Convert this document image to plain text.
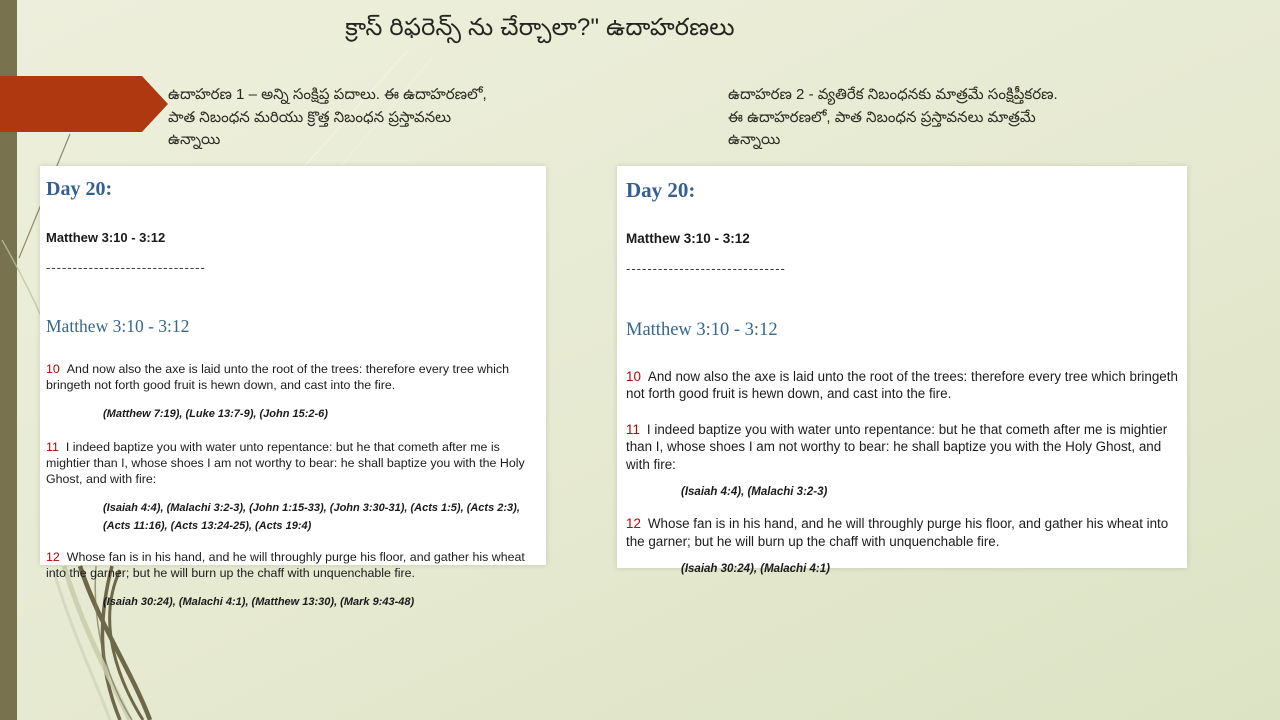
క్రాస్ రిఫరెన్స్ ను చేర్చాలా?" ఉదాహరణలు
ఉదాహరణ 1 – అన్ని సంక్షిప్త పదాలు. ఈ ఉదాహరణలో,
పాత నిబంధన మరియు క్రొత్త నిబంధన ప్రస్తావనలు
ఉన్నాయి
ఉదాహరణ 2 - వ్యతిరేక నిబంధనకు మాత్రమే సంక్షిప్తీకరణ.
ఈ ఉదాహరణలో, పాత నిబంధన ప్రస్తావనలు మాత్రమే
ఉన్నాయి
Day 20:
Matthew 3:10 - 3:12
------------------------------
Matthew 3:10 - 3:12
10 And now also the axe is laid unto the root of the trees: therefore every tree which bringeth not forth good fruit is hewn down, and cast into the fire.
(Matthew 7:19), (Luke 13:7-9), (John 15:2-6)
11 I indeed baptize you with water unto repentance: but he that cometh after me is mightier than I, whose shoes I am not worthy to bear: he shall baptize you with the Holy Ghost, and with fire:
(Isaiah 4:4), (Malachi 3:2-3), (John 1:15-33), (John 3:30-31), (Acts 1:5), (Acts 2:3), (Acts 11:16), (Acts 13:24-25), (Acts 19:4)
12 Whose fan is in his hand, and he will throughly purge his floor, and gather his wheat into the garner; but he will burn up the chaff with unquenchable fire.
(Isaiah 30:24), (Malachi 4:1), (Matthew 13:30), (Mark 9:43-48)
Day 20:
Matthew 3:10 - 3:12
------------------------------
Matthew 3:10 - 3:12
10 And now also the axe is laid unto the root of the trees: therefore every tree which bringeth not forth good fruit is hewn down, and cast into the fire.
11 I indeed baptize you with water unto repentance: but he that cometh after me is mightier than I, whose shoes I am not worthy to bear: he shall baptize you with the Holy Ghost, and with fire:
(Isaiah 4:4), (Malachi 3:2-3)
12 Whose fan is in his hand, and he will throughly purge his floor, and gather his wheat into the garner; but he will burn up the chaff with unquenchable fire.
(Isaiah 30:24), (Malachi 4:1)
